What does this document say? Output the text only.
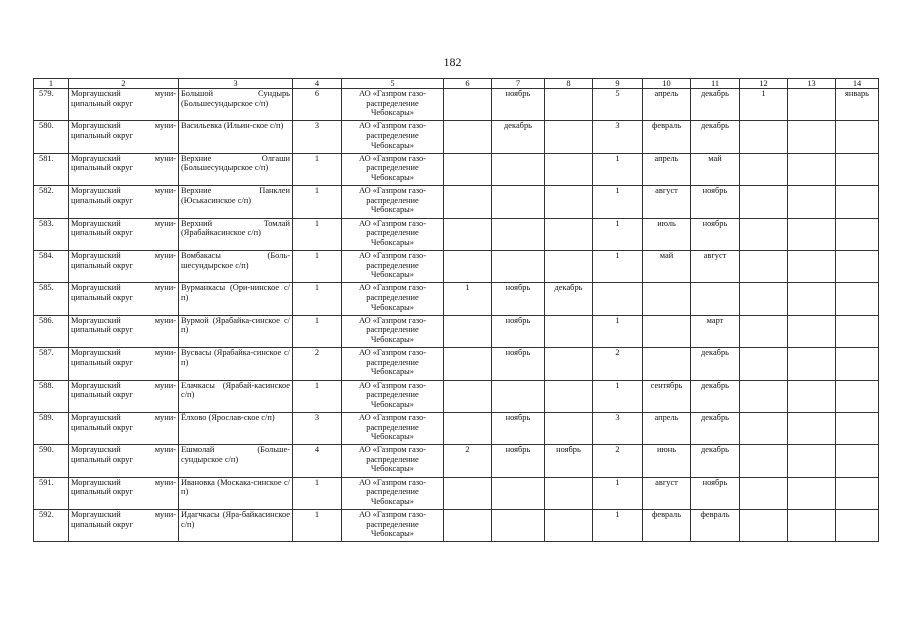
182
1	2	3	4	5	6	7	8	9	10	11	12	13	14
579.	Моргаушский муни-ципальный округ	Большой Сундырь (Большесундырское с/п)	6	АО «Газпром газо-распределение Чебоксары»		ноябрь		5	апрель	декабрь	1		январь
580.	Моргаушский муни-ципальный округ	Васильевка (Ильин-ское с/п)	3	АО «Газпром газо-распределение Чебоксары»		декабрь		3	февраль	декабрь			
581.	Моргаушский муни-ципальный округ	Верхние Олгаши (Большесундырское с/п)	1	АО «Газпром газо-распределение Чебоксары»				1	апрель	май			
582.	Моргаушский муни-ципальный округ	Верхние Панклеи (Юськасинское с/п)	1	АО «Газпром газо-распределение Чебоксары»				1	август	ноябрь			
583.	Моргаушский муни-ципальный округ	Верхний Томлай (Ярабайкасинское с/п)	1	АО «Газпром газо-распределение Чебоксары»				1	июль	ноябрь			
584.	Моргаушский муни-ципальный округ	Вомбакасы (Боль-шесундырское с/п)	1	АО «Газпром газо-распределение Чебоксары»				1	май	август			
585.	Моргаушский муни-ципальный округ	Вурманкасы (Ори-нинское с/п)	1	АО «Газпром газо-распределение Чебоксары»	1	ноябрь	декабрь						
586.	Моргаушский муни-ципальный округ	Вурмой (Ярабайка-синское с/п)	1	АО «Газпром газо-распределение Чебоксары»		ноябрь		1		март			
587.	Моргаушский муни-ципальный округ	Вусвасы (Ярабайка-синское с/п)	2	АО «Газпром газо-распределение Чебоксары»		ноябрь		2		декабрь			
588.	Моргаушский муни-ципальный округ	Елачкасы (Ярабай-касинское с/п)	1	АО «Газпром газо-распределение Чебоксары»				1	сентябрь	декабрь			
589.	Моргаушский муни-ципальный округ	Ёлхово (Ярослав-ское с/п)	3	АО «Газпром газо-распределение Чебоксары»		ноябрь		3	апрель	декабрь			
590.	Моргаушский муни-ципальный округ	Ешмолай (Больше-сундырское с/п)	4	АО «Газпром газо-распределение Чебоксары»	2	ноябрь	ноябрь	2	июнь	декабрь			
591.	Моргаушский муни-ципальный округ	Ивановка (Москака-синское с/п)	1	АО «Газпром газо-распределение Чебоксары»				1	август	ноябрь			
592.	Моргаушский муни-ципальный округ	Идагчкасы (Яра-байкасинское с/п)	1	АО «Газпром газо-распределение Чебоксары»				1	февраль	февраль			
